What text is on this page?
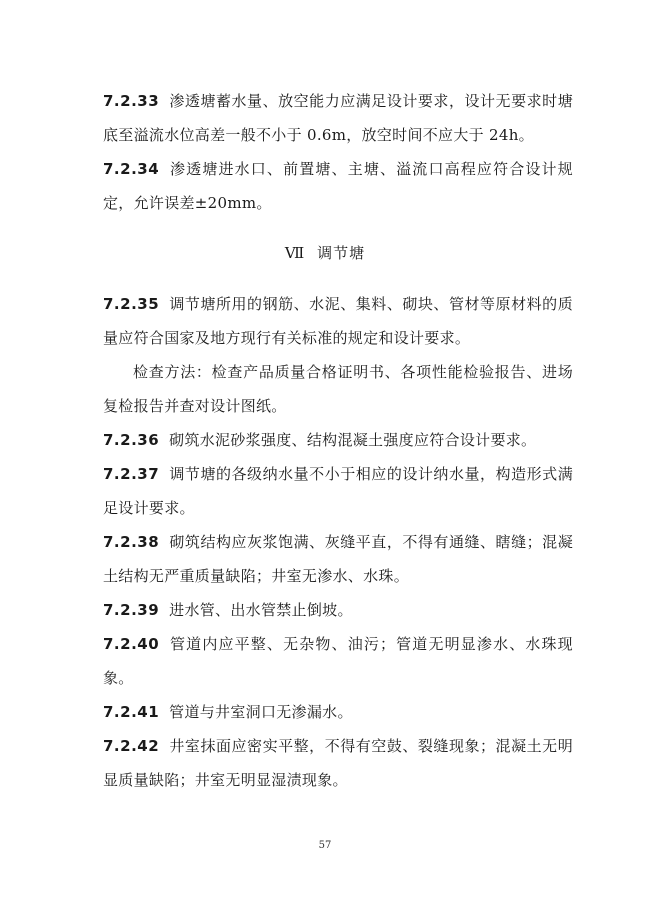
7.2.33 渗透塘蓄水量、放空能力应满足设计要求，设计无要求时塘底至溢流水位高差一般不小于 0.6m，放空时间不应大于 24h。
7.2.34 渗透塘进水口、前置塘、主塘、溢流口高程应符合设计规定，允许误差±20mm。
Ⅶ 调节塘
7.2.35 调节塘所用的钢筋、水泥、集料、砌块、管材等原材料的质量应符合国家及地方现行有关标准的规定和设计要求。
检查方法：检查产品质量合格证明书、各项性能检验报告、进场复检报告并查对设计图纸。
7.2.36 砌筑水泥砂浆强度、结构混凝土强度应符合设计要求。
7.2.37 调节塘的各级纳水量不小于相应的设计纳水量，构造形式满足设计要求。
7.2.38 砌筑结构应灰浆饱满、灰缝平直，不得有通缝、瞎缝；混凝土结构无严重质量缺陷；井室无渗水、水珠。
7.2.39 进水管、出水管禁止倒坡。
7.2.40 管道内应平整、无杂物、油污；管道无明显渗水、水珠现象。
7.2.41 管道与井室洞口无渗漏水。
7.2.42 井室抹面应密实平整，不得有空鼓、裂缝现象；混凝土无明显质量缺陷；井室无明显湿渍现象。
57
